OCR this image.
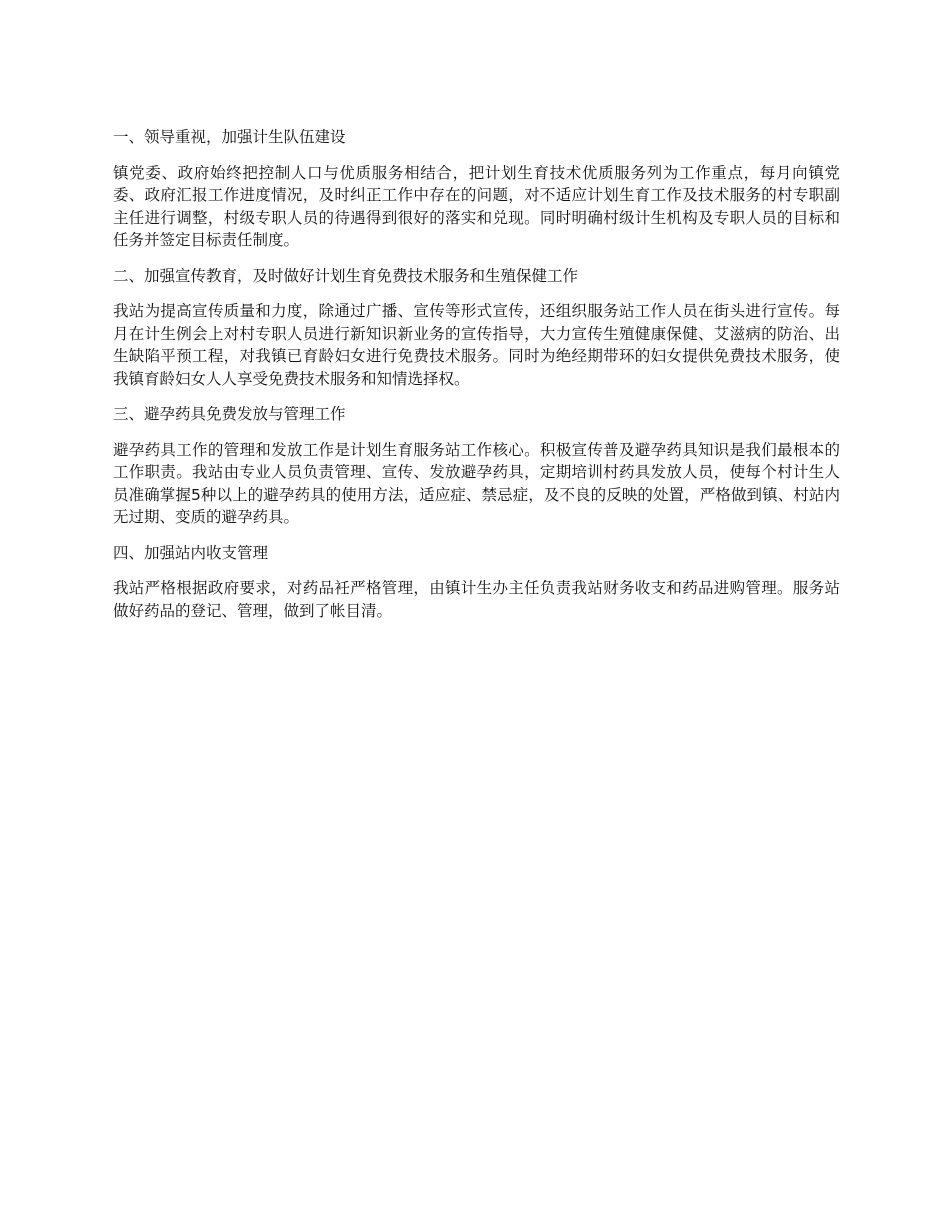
一、领导重视，加强计生队伍建设

镇党委、政府始终把控制人口与优质服务相结合，把计划生育技术优质服务列为工作重点，每月向镇党委、政府汇报工作进度情况，及时纠正工作中存在的问题，对不适应计划生育工作及技术服务的村专职副主任进行调整，村级专职人员的待遇得到很好的落实和兑现。同时明确村级计生机构及专职人员的目标和任务并签定目标责任制度。

二、加强宣传教育，及时做好计划生育免费技术服务和生殖保健工作

我站为提高宣传质量和力度，除通过广播、宣传等形式宣传，还组织服务站工作人员在街头进行宣传。每月在计生例会上对村专职人员进行新知识新业务的宣传指导，大力宣传生殖健康保健、艾滋病的防治、出生缺陷平预工程，对我镇已育龄妇女进行免费技术服务。同时为绝经期带环的妇女提供免费技术服务，使我镇育龄妇女人人享受免费技术服务和知情选择权。

三、避孕药具免费发放与管理工作

避孕药具工作的管理和发放工作是计划生育服务站工作核心。积极宣传普及避孕药具知识是我们最根本的工作职责。我站由专业人员负责管理、宣传、发放避孕药具，定期培训村药具发放人员，使每个村计生人员准确掌握5种以上的避孕药具的使用方法，适应症、禁忌症，及不良的反映的处置，严格做到镇、村站内无过期、变质的避孕药具。

四、加强站内收支管理

我站严格根据政府要求，对药品衽严格管理，由镇计生办主任负责我站财务收支和药品进购管理。服务站做好药品的登记、管理，做到了帐目清。
